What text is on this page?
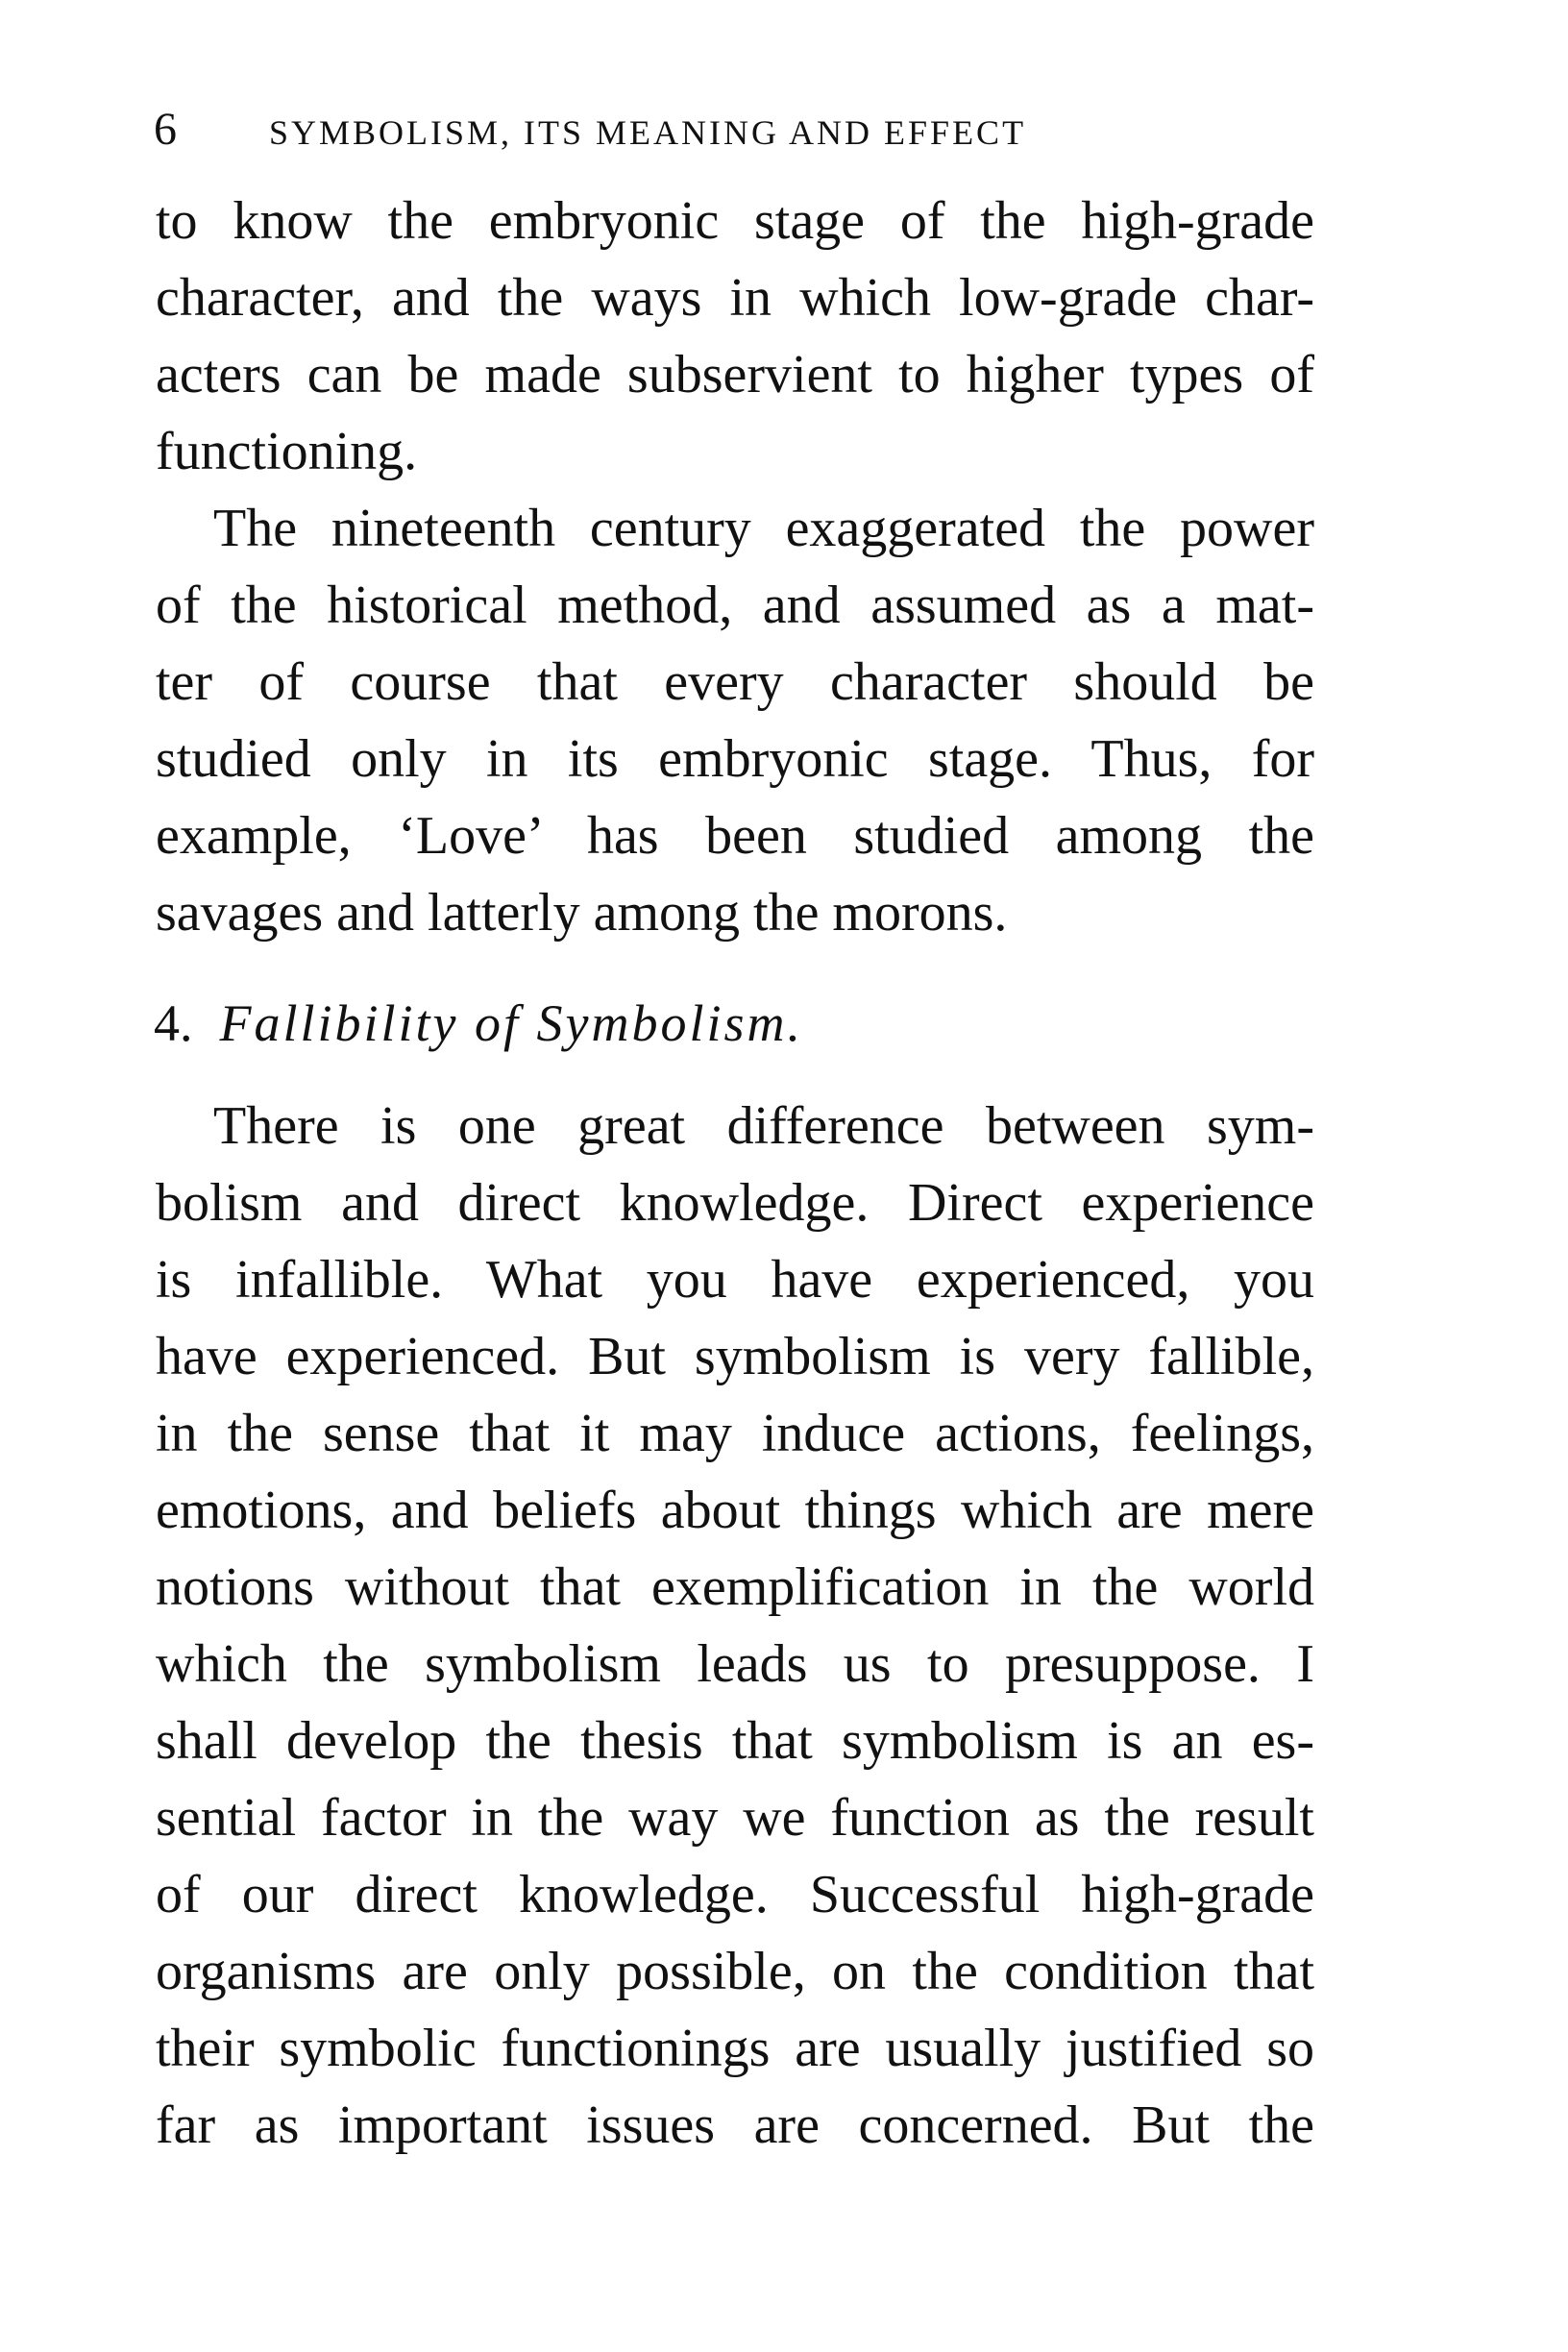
6	SYMBOLISM, ITS MEANING AND EFFECT
to know the embryonic stage of the high-grade
character, and the ways in which low-grade char-
acters can be made subservient to higher types of
functioning.
The nineteenth century exaggerated the power
of the historical method, and assumed as a mat-
ter of course that every character should be
studied only in its embryonic stage. Thus, for
example, ‘Love’ has been studied among the
savages and latterly among the morons.
4. Fallibility of Symbolism.
There is one great difference between sym-
bolism and direct knowledge. Direct experience
is infallible. What you have experienced, you
have experienced. But symbolism is very fallible,
in the sense that it may induce actions, feelings,
emotions, and beliefs about things which are mere
notions without that exemplification in the world
which the symbolism leads us to presuppose. I
shall develop the thesis that symbolism is an es-
sential factor in the way we function as the result
of our direct knowledge. Successful high-grade
organisms are only possible, on the condition that
their symbolic functionings are usually justified so
far as important issues are concerned. But the
